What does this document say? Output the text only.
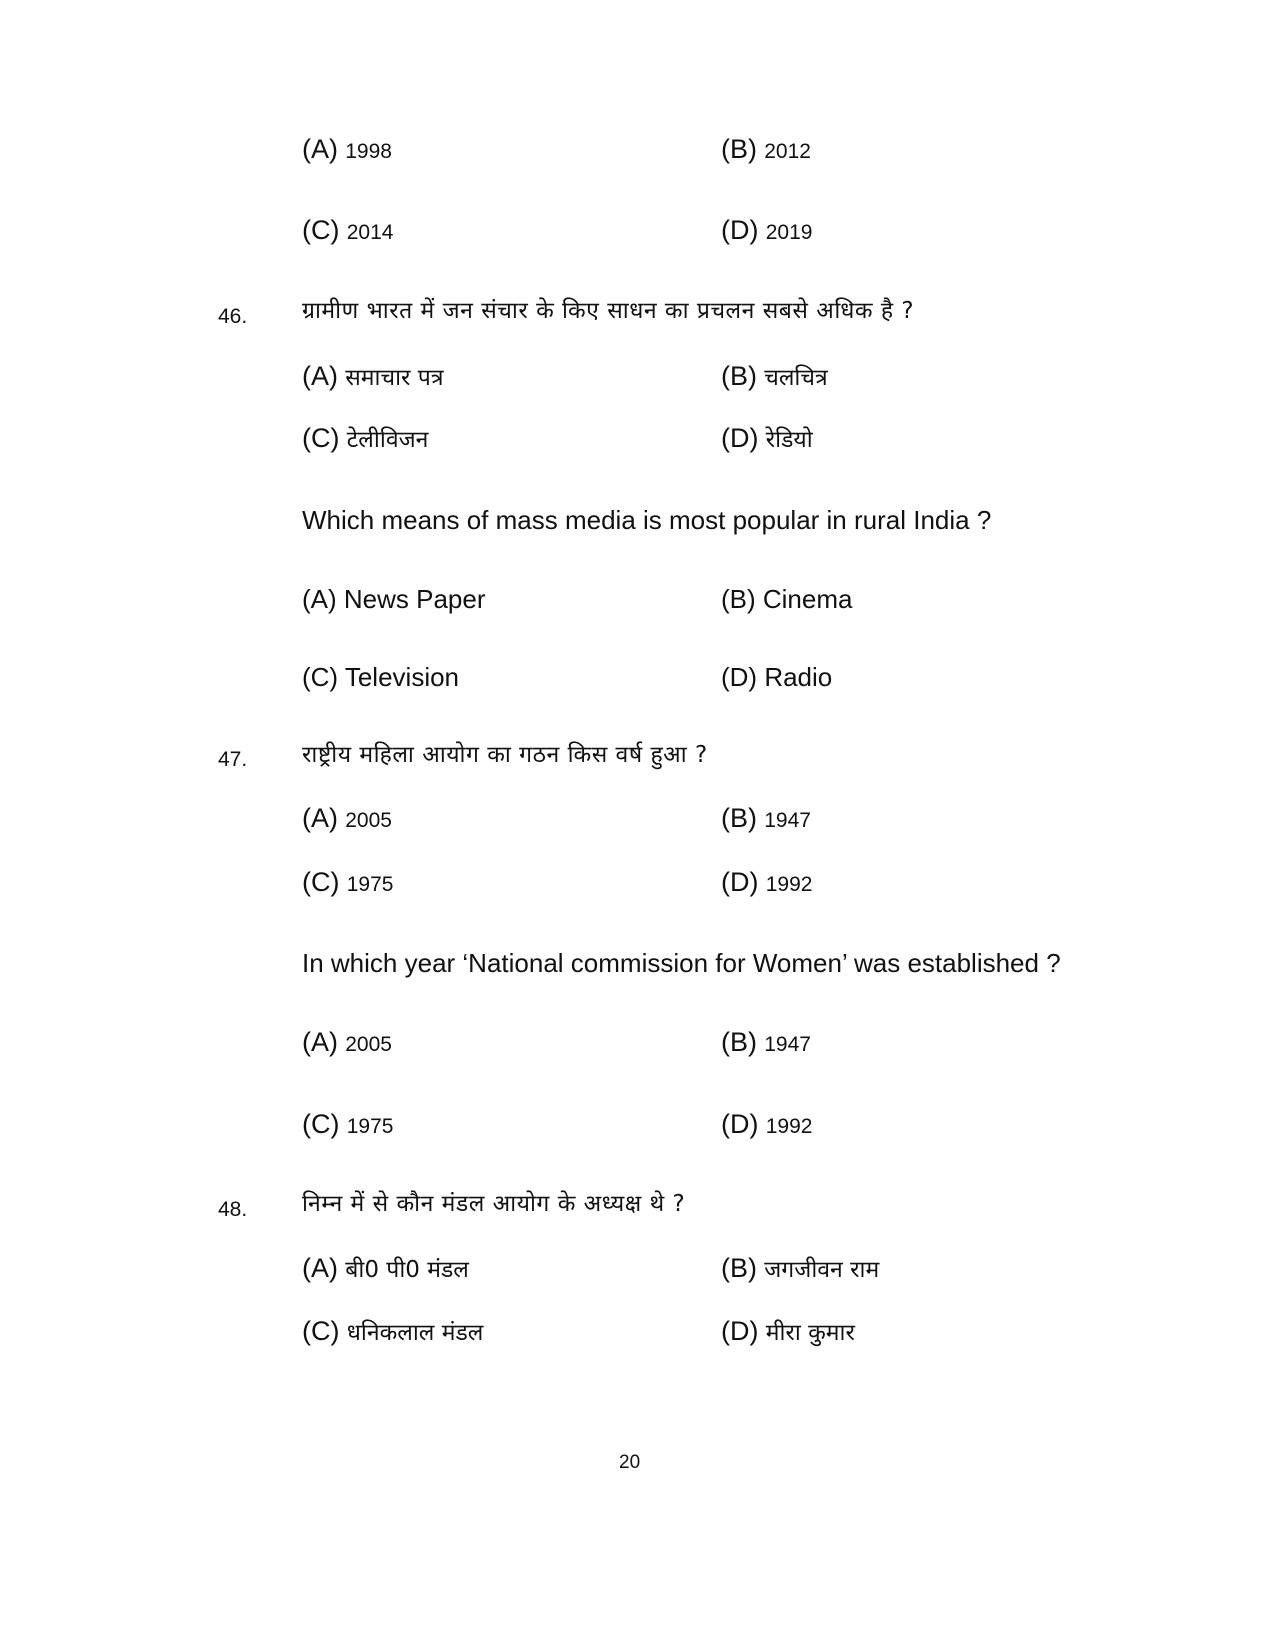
(A) 1998	(B) 2012
(C) 2014	(D) 2019
46. ग्रामीण भारत में जन संचार के किए साधन का प्रचलन सबसे अधिक है ?
(A) समाचार पत्र	(B) चलचित्र
(C) टेलीविजन	(D) रेडियो
Which means of mass media is most popular in rural India ?
(A) News Paper	(B) Cinema
(C) Television	(D) Radio
47. राष्ट्रीय महिला आयोग का गठन किस वर्ष हुआ ?
(A) 2005	(B) 1947
(C) 1975	(D) 1992
In which year ‘National commission for Women’ was established ?
(A) 2005	(B) 1947
(C) 1975	(D) 1992
48. निम्न में से कौन मंडल आयोग के अध्यक्ष थे ?
(A) बी0 पी0 मंडल	(B) जगजीवन राम
(C) धनिकलाल मंडल	(D) मीरा कुमार
20
